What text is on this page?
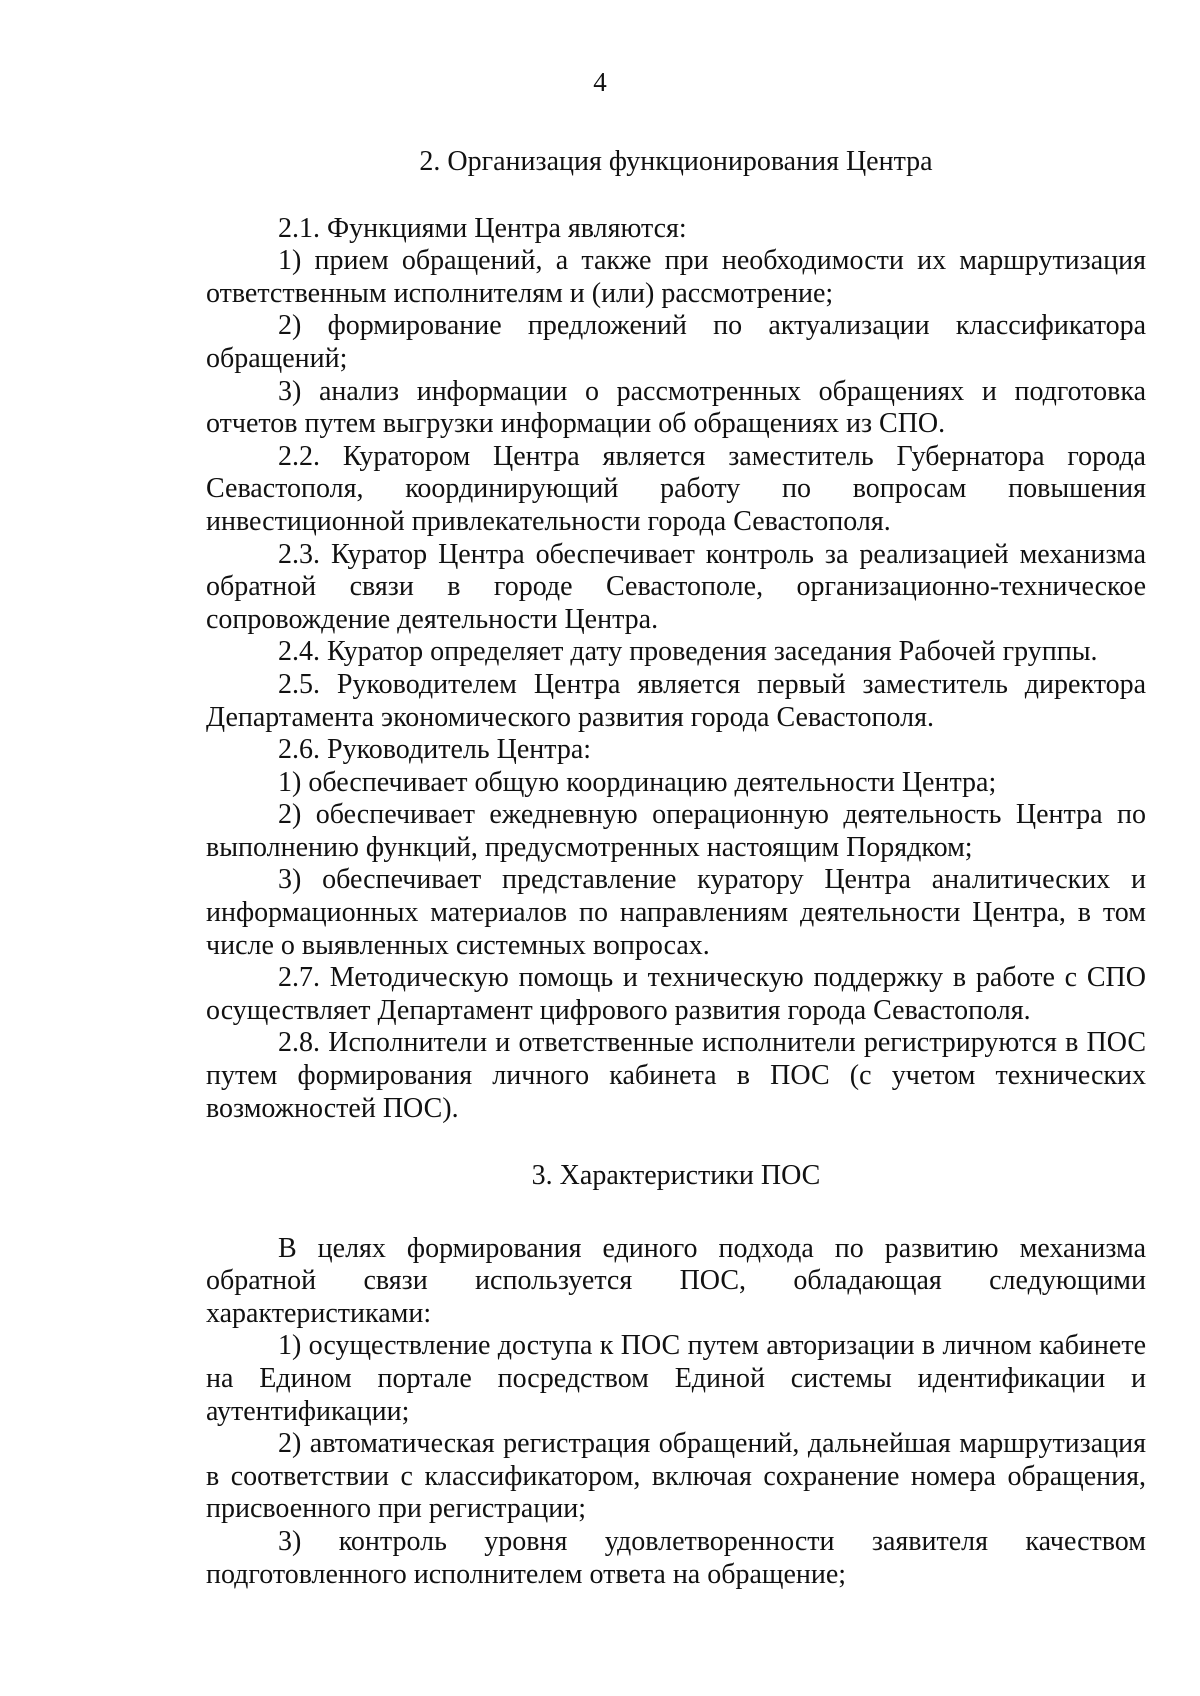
4

2. Организация функционирования Центра

2.1. Функциями Центра являются:

1) прием обращений, а также при необходимости их маршрутизация ответственным исполнителям и (или) рассмотрение;

2) формирование предложений по актуализации классификатора обращений;

3) анализ информации о рассмотренных обращениях и подготовка отчетов путем выгрузки информации об обращениях из СПО.

2.2. Куратором Центра является заместитель Губернатора города Севастополя, координирующий работу по вопросам повышения инвестиционной привлекательности города Севастополя.

2.3. Куратор Центра обеспечивает контроль за реализацией механизма обратной связи в городе Севастополе, организационно-техническое сопровождение деятельности Центра.

2.4. Куратор определяет дату проведения заседания Рабочей группы.

2.5. Руководителем Центра является первый заместитель директора Департамента экономического развития города Севастополя.

2.6. Руководитель Центра:

1) обеспечивает общую координацию деятельности Центра;

2) обеспечивает ежедневную операционную деятельность Центра по выполнению функций, предусмотренных настоящим Порядком;

3) обеспечивает представление куратору Центра аналитических и информационных материалов по направлениям деятельности Центра, в том числе о выявленных системных вопросах.

2.7. Методическую помощь и техническую поддержку в работе с СПО осуществляет Департамент цифрового развития города Севастополя.

2.8. Исполнители и ответственные исполнители регистрируются в ПОС путем формирования личного кабинета в ПОС (с учетом технических возможностей ПОС).

3. Характеристики ПОС

В целях формирования единого подхода по развитию механизма обратной связи используется ПОС, обладающая следующими характеристиками:

1) осуществление доступа к ПОС путем авторизации в личном кабинете на Едином портале посредством Единой системы идентификации и аутентификации;

2) автоматическая регистрация обращений, дальнейшая маршрутизация в соответствии с классификатором, включая сохранение номера обращения, присвоенного при регистрации;

3) контроль уровня удовлетворенности заявителя качеством подготовленного исполнителем ответа на обращение;
